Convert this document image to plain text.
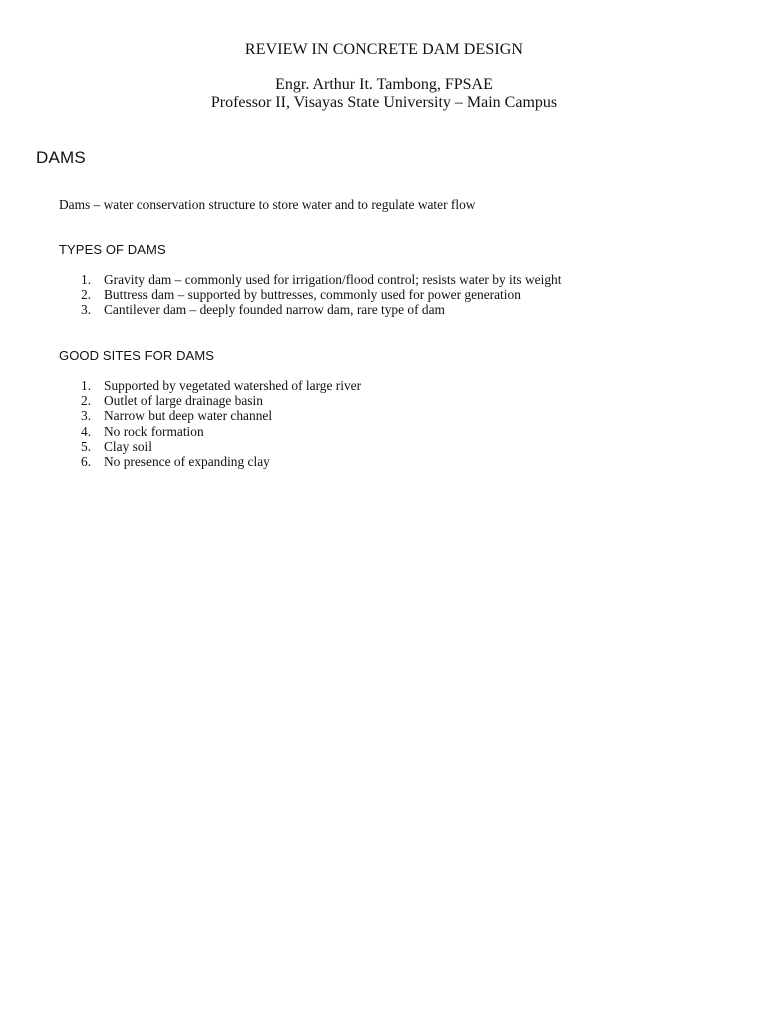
REVIEW IN CONCRETE DAM DESIGN
Engr. Arthur It. Tambong, FPSAE
Professor II, Visayas State University – Main Campus
DAMS
Dams – water conservation structure to store water and to regulate water flow
TYPES OF DAMS
1. Gravity dam – commonly used for irrigation/flood control; resists water by its weight
2. Buttress dam – supported by buttresses, commonly used for power generation
3. Cantilever dam – deeply founded narrow dam, rare type of dam
GOOD SITES FOR DAMS
1. Supported by vegetated watershed of large river
2. Outlet of large drainage basin
3. Narrow but deep water channel
4. No rock formation
5. Clay soil
6. No presence of expanding clay
